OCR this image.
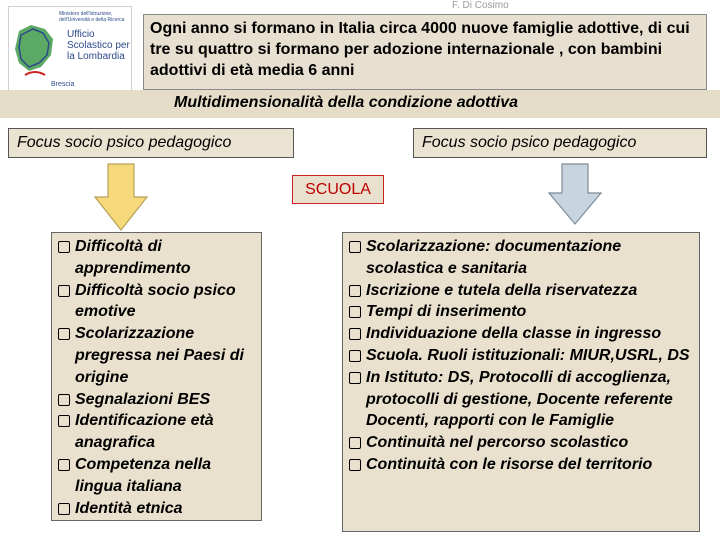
Ministero dell'Istruzione, dell'Università e della Ricerca
Ufficio Scolastico per la Lombardia
Brescia
F. Di Cosimo
Ogni anno si formano in Italia circa 4000 nuove famiglie adottive, di cui tre su quattro si formano per adozione internazionale , con bambini adottivi di età media 6 anni
Multidimensionalità della condizione adottiva
Focus socio psico pedagogico	Focus socio psico pedagogico
SCUOLA
Difficoltà di apprendimento
Difficoltà socio psico emotive
Scolarizzazione pregressa nei Paesi di origine
Segnalazioni BES
Identificazione età anagrafica
Competenza nella lingua italiana
Identità etnica
Scolarizzazione: documentazione scolastica e sanitaria
Iscrizione e tutela della riservatezza
Tempi di inserimento
Individuazione della classe in ingresso
Scuola. Ruoli istituzionali: MIUR,USRL, DS
In Istituto: DS, Protocolli di accoglienza, protocolli di gestione, Docente referente Docenti, rapporti con le Famiglie
Continuità nel percorso scolastico
Continuità con le risorse del territorio
